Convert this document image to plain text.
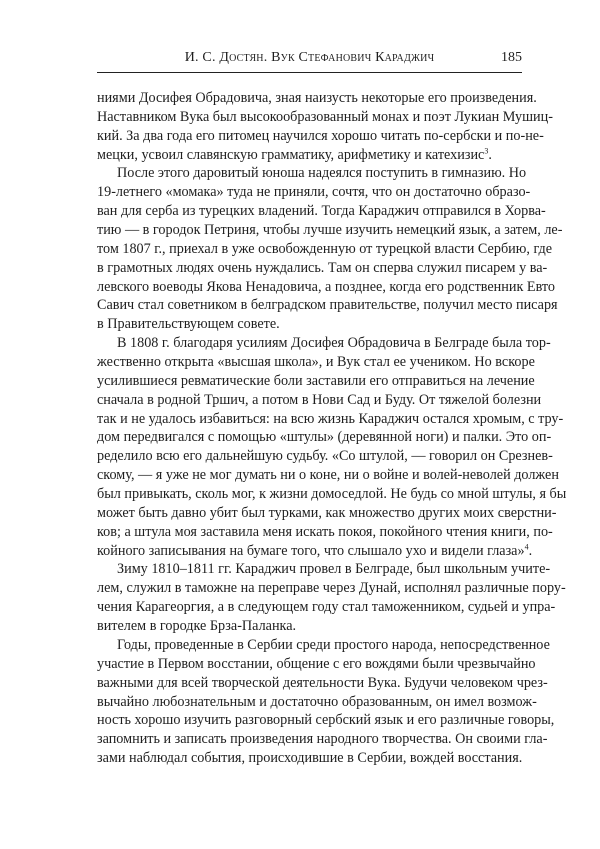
И. С. Достян. Вук Стефанович Караджич	185
ниями Досифея Обрадовича, зная наизусть некоторые его произведения.
Наставником Вука был высокообразованный монах и поэт Лукиан Мушиц-
кий. За два года его питомец научился хорошо читать по-сербски и по-не-
мецки, усвоил славянскую грамматику, арифметику и катехизис$^3$.
После этого даровитый юноша надеялся поступить в гимназию. Но
19-летнего «момака» туда не приняли, сочтя, что он достаточно образо-
ван для серба из турецких владений. Тогда Караджич отправился в Хорва-
тию — в городок Петриня, чтобы лучше изучить немецкий язык, а затем, ле-
том 1807 г., приехал в уже освобожденную от турецкой власти Сербию, где
в грамотных людях очень нуждались. Там он сперва служил писарем у ва-
левского воеводы Якова Ненадовича, а позднее, когда его родственник Евто
Савич стал советником в белградском правительстве, получил место писаря
в Правительствующем совете.
В 1808 г. благодаря усилиям Досифея Обрадовича в Белграде была тор-
жественно открыта «высшая школа», и Вук стал ее учеником. Но вскоре
усилившиеся ревматические боли заставили его отправиться на лечение
сначала в родной Тршич, а потом в Нови Сад и Буду. От тяжелой болезни
так и не удалось избавиться: на всю жизнь Караджич остался хромым, с тру-
дом передвигался с помощью «штулы» (деревянной ноги) и палки. Это оп-
ределило всю его дальнейшую судьбу. «Со штулой, — говорил он Срезнев-
скому, — я уже не мог думать ни о коне, ни о войне и волей-неволей должен
был привыкать, сколь мог, к жизни домоседлой. Не будь со мной штулы, я бы
может быть давно убит был турками, как множество других моих сверстни-
ков; а штула моя заставила меня искать покоя, покойного чтения книги, по-
койного записывания на бумаге того, что слышало ухо и видели глаза»$^4$.
Зиму 1810–1811 гг. Караджич провел в Белграде, был школьным учите-
лем, служил в таможне на переправе через Дунай, исполнял различные пору-
чения Карагеоргия, а в следующем году стал таможенником, судьей и упра-
вителем в городке Брза-Паланка.
Годы, проведенные в Сербии среди простого народа, непосредственное
участие в Первом восстании, общение с его вождями были чрезвычайно
важными для всей творческой деятельности Вука. Будучи человеком чрез-
вычайно любознательным и достаточно образованным, он имел возмож-
ность хорошо изучить разговорный сербский язык и его различные говоры,
запомнить и записать произведения народного творчества. Он своими гла-
зами наблюдал события, происходившие в Сербии, вождей восстания.
